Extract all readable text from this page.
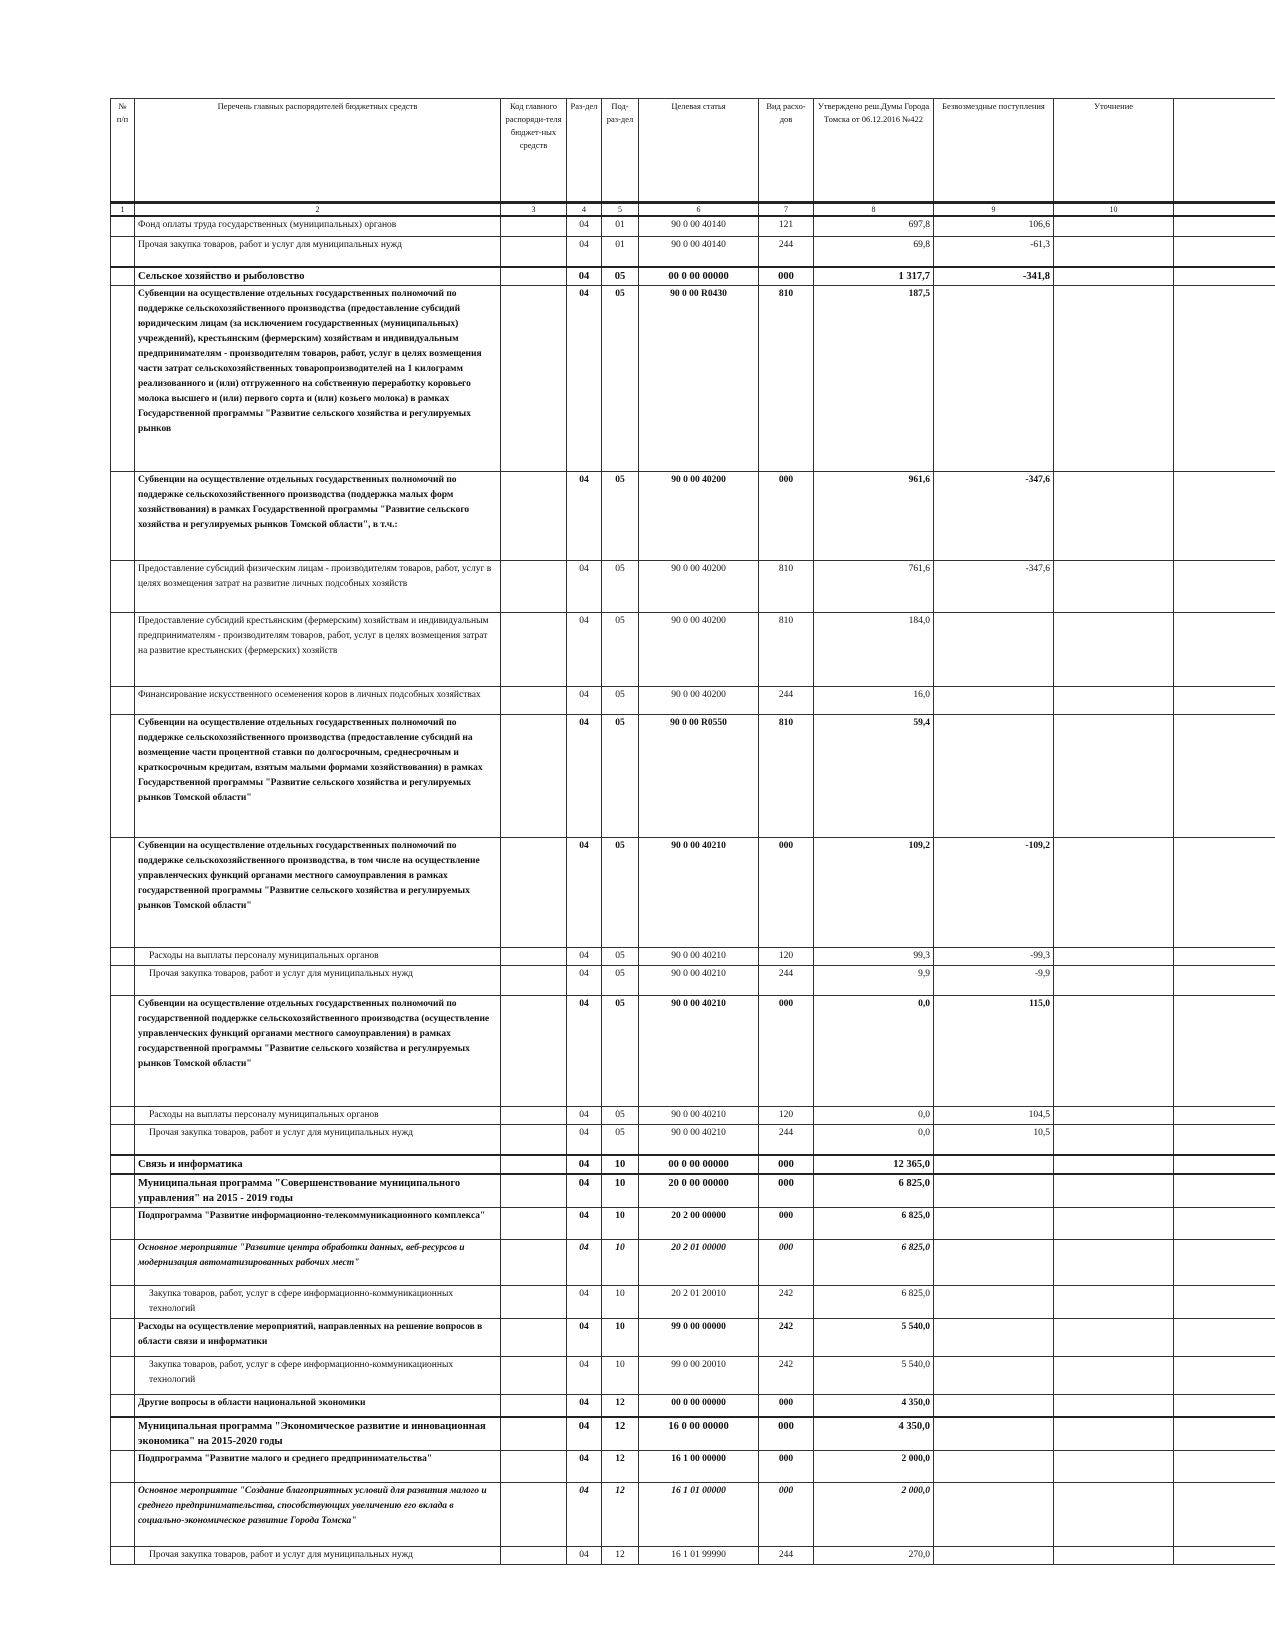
№ п/п	Перечень главных распорядителей бюджетных средств	Код главного распоряди-теля бюджет-ных средств	Раз-дел	Под-раз-дел	Целевая статья	Вид расхо-дов	Утверждено реш.Думы Города Томска от 06.12.2016 №422	Безвозмездные поступления	Уточнение	
1	2	3	4	5	6	7	8	9	10	
	Фонд оплаты труда государственных (муниципальных) органов		04	01	90 0 00 40140	121	697,8	106,6		
	Прочая закупка товаров, работ и услуг для муниципальных нужд		04	01	90 0 00 40140	244	69,8	-61,3		
	Сельское хозяйство и рыболовство		04	05	00 0 00 00000	000	1 317,7	-341,8		
	Субвенции на осуществление отдельных государственных полномочий по поддержке сельскохозяйственного производства (предоставление субсидий юридическим лицам (за исключением государственных (муниципальных) учреждений), крестьянским (фермерским) хозяйствам и индивидуальным предпринимателям - производителям товаров, работ, услуг в целях возмещения части затрат сельскохозяйственных товаропроизводителей на 1 килограмм реализованного и (или) отгруженного на собственную переработку коровьего молока высшего и (или) первого сорта и (или) козьего молока) в рамках Государственной программы "Развитие сельского хозяйства и регулируемых рынков		04	05	90 0 00 R0430	810	187,5			
	Субвенции на осуществление отдельных государственных полномочий по поддержке сельскохозяйственного производства (поддержка малых форм хозяйствования) в рамках Государственной программы "Развитие сельского хозяйства и регулируемых рынков Томской области", в т.ч.:		04	05	90 0 00 40200	000	961,6	-347,6		
	Предоставление субсидий физическим лицам - производителям товаров, работ, услуг в целях возмещения затрат на развитие личных подсобных хозяйств		04	05	90 0 00 40200	810	761,6	-347,6		
	Предоставление субсидий крестьянским (фермерским) хозяйствам и индивидуальным предпринимателям - производителям товаров, работ, услуг в целях возмещения затрат на развитие крестьянских (фермерских) хозяйств		04	05	90 0 00 40200	810	184,0			
	Финансирование искусственного осеменения коров в личных подсобных хозяйствах		04	05	90 0 00 40200	244	16,0			
	Субвенции на осуществление отдельных государственных полномочий по поддержке сельскохозяйственного производства (предоставление субсидий на возмещение части процентной ставки по долгосрочным, среднесрочным и краткосрочным кредитам, взятым малыми формами хозяйствования) в рамках Государственной программы "Развитие сельского хозяйства и регулируемых рынков Томской области"		04	05	90 0 00 R0550	810	59,4			
	Субвенции на осуществление отдельных государственных полномочий по поддержке сельскохозяйственного производства, в том числе на осуществление управленческих функций органами местного самоуправления в рамках государственной программы "Развитие сельского хозяйства и регулируемых рынков Томской области"		04	05	90 0 00 40210	000	109,2	-109,2		
	Расходы на выплаты персоналу муниципальных органов		04	05	90 0 00 40210	120	99,3	-99,3		
	Прочая закупка товаров, работ и услуг для муниципальных нужд		04	05	90 0 00 40210	244	9,9	-9,9		
	Субвенции на осуществление отдельных государственных полномочий по государственной поддержке сельскохозяйственного производства (осуществление управленческих функций органами местного самоуправления) в рамках государственной программы "Развитие сельского хозяйства и регулируемых рынков Томской области"		04	05	90 0 00 40210	000	0,0	115,0		
	Расходы на выплаты персоналу муниципальных органов		04	05	90 0 00 40210	120	0,0	104,5		
	Прочая закупка товаров, работ и услуг для муниципальных нужд		04	05	90 0 00 40210	244	0,0	10,5		
	Связь и информатика		04	10	00 0 00 00000	000	12 365,0			
	Муниципальная программа "Совершенствование муниципального управления" на 2015 - 2019 годы		04	10	20 0 00 00000	000	6 825,0			
	Подпрограмма "Развитие информационно-телекоммуникационного комплекса"		04	10	20 2 00 00000	000	6 825,0			
	Основное мероприятие "Развитие центра обработки данных, веб-ресурсов и модернизация автоматизированных рабочих мест"		04	10	20 2 01 00000	000	6 825,0			
	Закупка товаров, работ, услуг в сфере информационно-коммуникационных технологий		04	10	20 2 01 20010	242	6 825,0			
	Расходы на осуществление мероприятий, направленных на решение вопросов в области связи и информатики		04	10	99 0 00 00000	242	5 540,0			
	Закупка товаров, работ, услуг в сфере информационно-коммуникационных технологий		04	10	99 0 00 20010	242	5 540,0			
	Другие вопросы в области национальной экономики		04	12	00 0 00 00000	000	4 350,0			
	Муниципальная программа "Экономическое развитие и инновационная экономика" на 2015-2020 годы		04	12	16 0 00 00000	000	4 350,0			
	Подпрограмма "Развитие малого и среднего предпринимательства"		04	12	16 1 00 00000	000	2 000,0			
	Основное мероприятие "Создание благоприятных условий для развития малого и среднего предпринимательства, способствующих увеличению его вклада в социально-экономическое развитие Города Томска"		04	12	16 1 01 00000	000	2 000,0			
	Прочая закупка товаров, работ и услуг для муниципальных нужд		04	12	16 1 01 99990	244	270,0			
